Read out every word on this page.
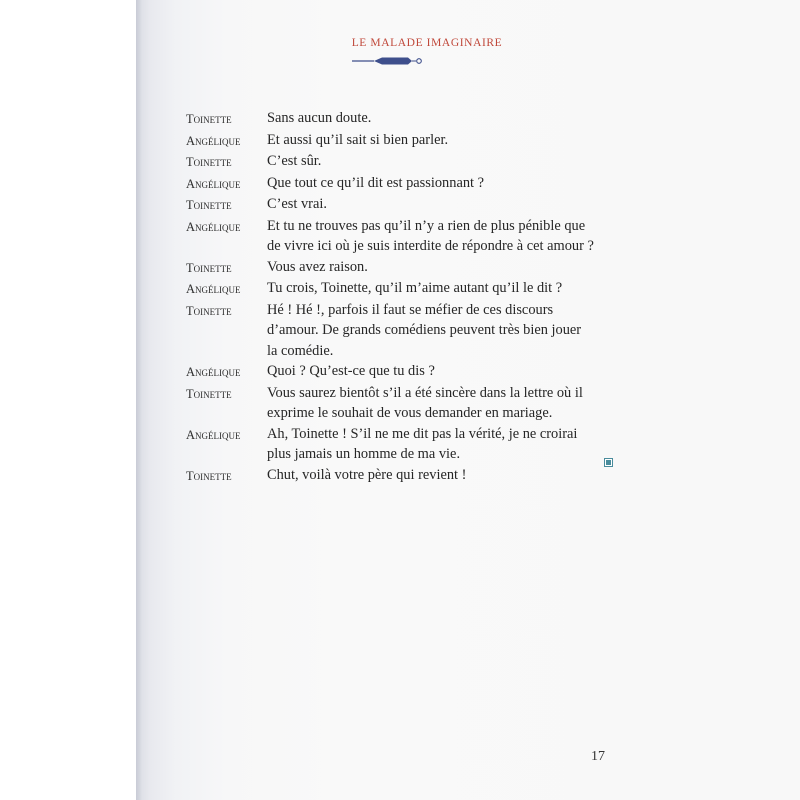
LE MALADE IMAGINAIRE
Toinette	Sans aucun doute.
Angélique	Et aussi qu’il sait si bien parler.
Toinette	C’est sûr.
Angélique	Que tout ce qu’il dit est passionnant ?
Toinette	C’est vrai.
Angélique	Et tu ne trouves pas qu’il n’y a rien de plus pénible que
de vivre ici où je suis interdite de répondre à cet amour ?
Toinette	Vous avez raison.
Angélique	Tu crois, Toinette, qu’il m’aime autant qu’il le dit ?
Toinette	Hé ! Hé !, parfois il faut se méfier de ces discours
d’amour. De grands comédiens peuvent très bien jouer
la comédie.
Angélique	Quoi ? Qu’est-ce que tu dis ?
Toinette	Vous saurez bientôt s’il a été sincère dans la lettre où il
exprime le souhait de vous demander en mariage.
Angélique	Ah, Toinette ! S’il ne me dit pas la vérité, je ne croirai
plus jamais un homme de ma vie.
Toinette	Chut, voilà votre père qui revient !
17
